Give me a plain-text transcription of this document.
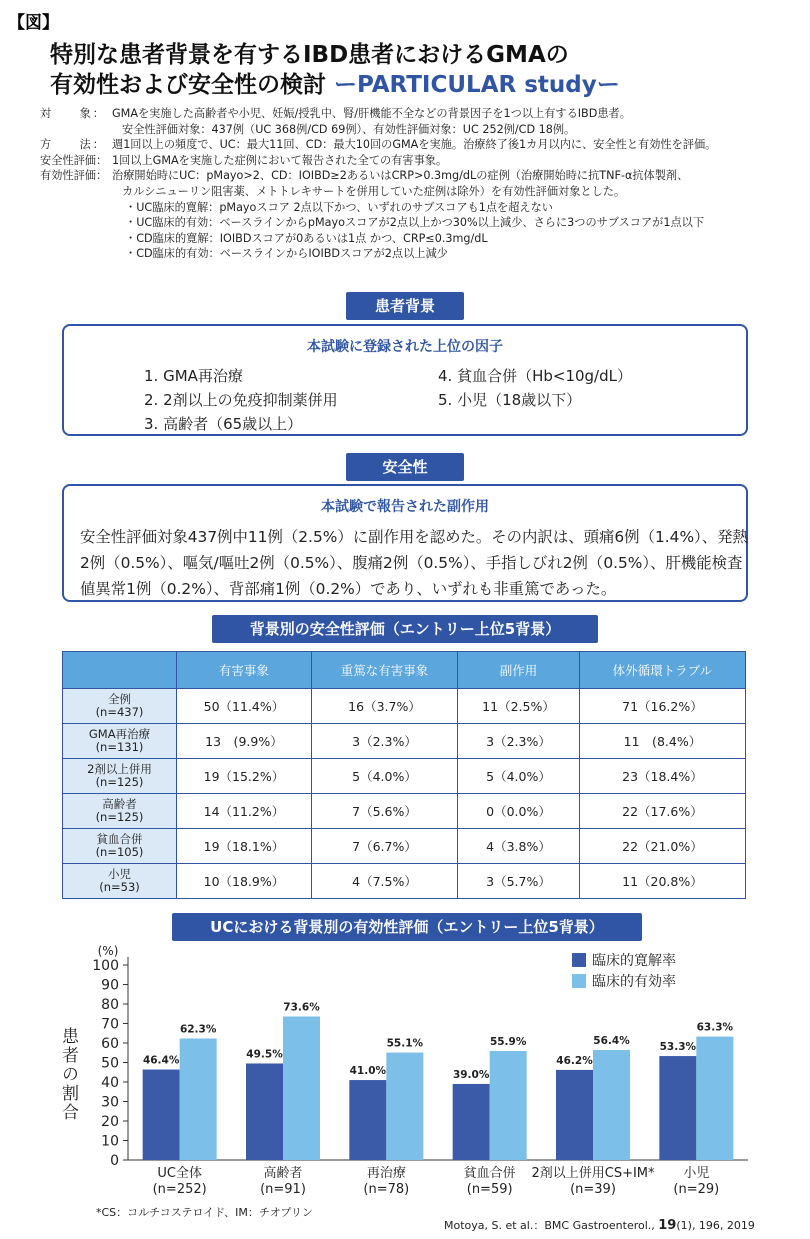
【図】
特別な患者背景を有するIBD患者におけるGMAの
有効性および安全性の検討 ーPARTICULAR studyー
対　　象： GMAを実施した高齢者や小児、妊娠/授乳中、腎/肝機能不全などの背景因子を1つ以上有するIBD患者。
安全性評価対象：437例（UC 368例/CD 69例）、有効性評価対象：UC 252例/CD 18例。
方　　法： 週1回以上の頻度で、UC：最大11回、CD：最大10回のGMAを実施。治療終了後1カ月以内に、安全性と有効性を評価。
安全性評価： 1回以上GMAを実施した症例において報告された全ての有害事象。
有効性評価： 治療開始時にUC：pMayo>2、CD：IOIBD≥2あるいはCRP>0.3mg/dLの症例（治療開始時に抗TNF-α抗体製剤、
カルシニューリン阻害薬、メトトレキサートを併用していた症例は除外）を有効性評価対象とした。
・UC臨床的寛解：pMayoスコア 2点以下かつ、いずれのサブスコアも1点を超えない
・UC臨床的有効：ベースラインからpMayoスコアが2点以上かつ30%以上減少、さらに3つのサブスコアが1点以下
・CD臨床的寛解：IOIBDスコアが0あるいは1点 かつ、CRP≤0.3mg/dL
・CD臨床的有効：ベースラインからIOIBDスコアが2点以上減少
患者背景
本試験に登録された上位の因子
1. GMA再治療
2. 2剤以上の免疫抑制薬併用
3. 高齢者（65歳以上）
4. 貧血合併（Hb<10g/dL）
5. 小児（18歳以下）
安全性
本試験で報告された副作用
安全性評価対象437例中11例（2.5%）に副作用を認めた。その内訳は、頭痛6例（1.4%）、発熱2例（0.5%）、嘔気/嘔吐2例（0.5%）、腹痛2例（0.5%）、手指しびれ2例（0.5%）、肝機能検査値異常1例（0.2%）、背部痛1例（0.2%）であり、いずれも非重篤であった。
背景別の安全性評価（エントリー上位5背景）
	有害事象	重篤な有害事象	副作用	体外循環トラブル

全例
(n=437)	50（11.4%）	16（3.7%）	11（2.5%）	71（16.2%）

GMA再治療
(n=131)	13　(9.9%）	3（2.3%）	3（2.3%）	11　(8.4%）

2剤以上併用
(n=125)	19（15.2%）	5（4.0%）	5（4.0%）	23（18.4%）

高齢者
(n=125)	14（11.2%）	7（5.6%）	0（0.0%）	22（17.6%）

貧血合併
(n=105)	19（18.1%）	7（6.7%）	4（3.8%）	22（21.0%）

小児
(n=53)	10（18.9%）	4（7.5%）	3（5.7%）	11（20.8%）
UCにおける背景別の有効性評価（エントリー上位5背景）
(%)
0
10
20
30
40
50
60
70
80
90
100
患者の割合	46.4%
62.3%
UC全体
(n=252)
49.5%
73.6%
高齢者
(n=91)
41.0%
55.1%
再治療
(n=78)
39.0%
55.9%
貧血合併
(n=59)
46.2%
56.4%
2剤以上併用CS+IM*
(n=39)
53.3%
63.3%
小児
(n=29)
臨床的寛解率
臨床的有効率
*CS：コルチコステロイド、IM：チオプリン
Motoya, S. et al.：BMC Gastroenterol., 19(1), 196, 2019
